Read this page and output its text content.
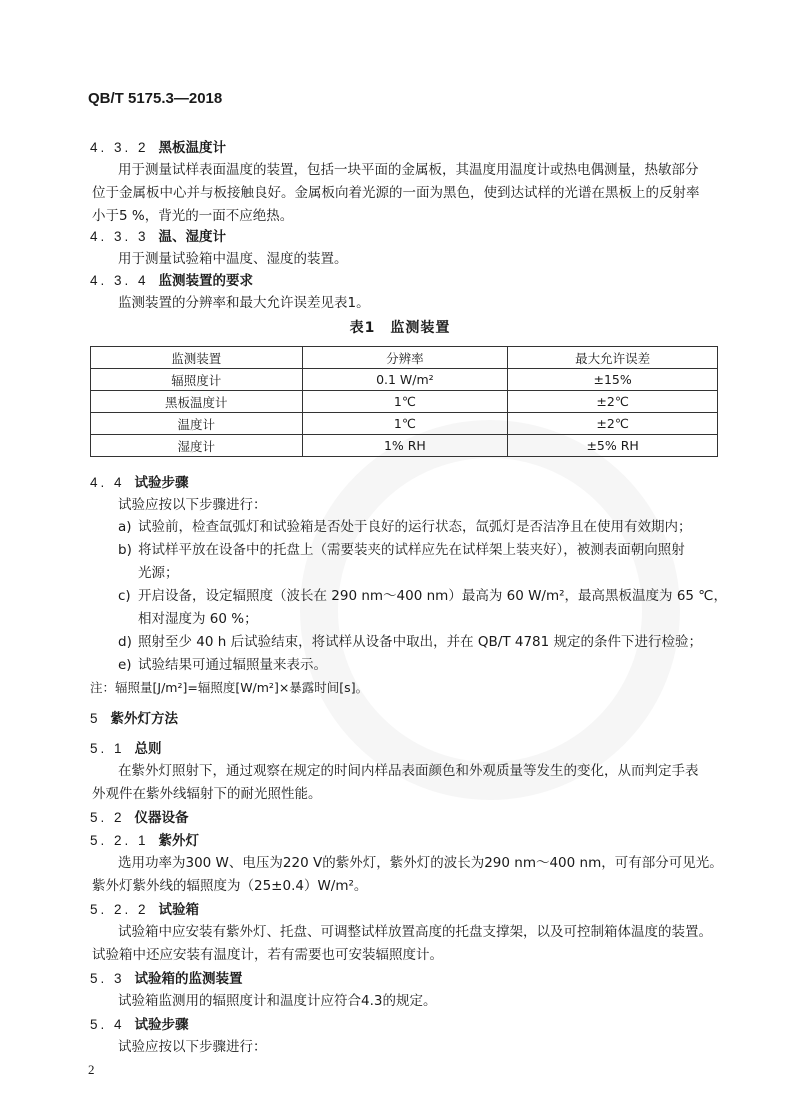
QB/T 5175.3—2018
4. 3. 2 黑板温度计
用于测量试样表面温度的装置，包括一块平面的金属板，其温度用温度计或热电偶测量，热敏部分
位于金属板中心并与板接触良好。金属板向着光源的一面为黑色，使到达试样的光谱在黑板上的反射率
小于5 %，背光的一面不应绝热。
4. 3. 3 温、湿度计
用于测量试验箱中温度、湿度的装置。
4. 3. 4 监测装置的要求
监测装置的分辨率和最大允许误差见表1。
表1　监测装置
监测装置	分辨率	最大允许误差
辐照度计	0.1 W/m²	±15%
黑板温度计	1℃	±2℃
温度计	1℃	±2℃
湿度计	1% RH	±5% RH
4. 4 试验步骤
试验应按以下步骤进行：
a) 试验前，检查氙弧灯和试验箱是否处于良好的运行状态，氙弧灯是否洁净且在使用有效期内；
b) 将试样平放在设备中的托盘上（需要装夹的试样应先在试样架上装夹好），被测表面朝向照射
光源；
c) 开启设备，设定辐照度（波长在 290 nm～400 nm）最高为 60 W/m²，最高黑板温度为 65 ℃，
相对湿度为 60 %；
d) 照射至少 40 h 后试验结束，将试样从设备中取出，并在 QB/T 4781 规定的条件下进行检验；
e) 试验结果可通过辐照量来表示。
注：辐照量[J/m²]=辐照度[W/m²]×暴露时间[s]。
5 紫外灯方法
5. 1 总则
在紫外灯照射下，通过观察在规定的时间内样品表面颜色和外观质量等发生的变化，从而判定手表
外观件在紫外线辐射下的耐光照性能。
5. 2 仪器设备
5. 2. 1 紫外灯
选用功率为300 W、电压为220 V的紫外灯，紫外灯的波长为290 nm～400 nm，可有部分可见光。
紫外灯紫外线的辐照度为（25±0.4）W/m²。
5. 2. 2 试验箱
试验箱中应安装有紫外灯、托盘、可调整试样放置高度的托盘支撑架，以及可控制箱体温度的装置。
试验箱中还应安装有温度计，若有需要也可安装辐照度计。
5. 3 试验箱的监测装置
试验箱监测用的辐照度计和温度计应符合4.3的规定。
5. 4 试验步骤
试验应按以下步骤进行：
2
